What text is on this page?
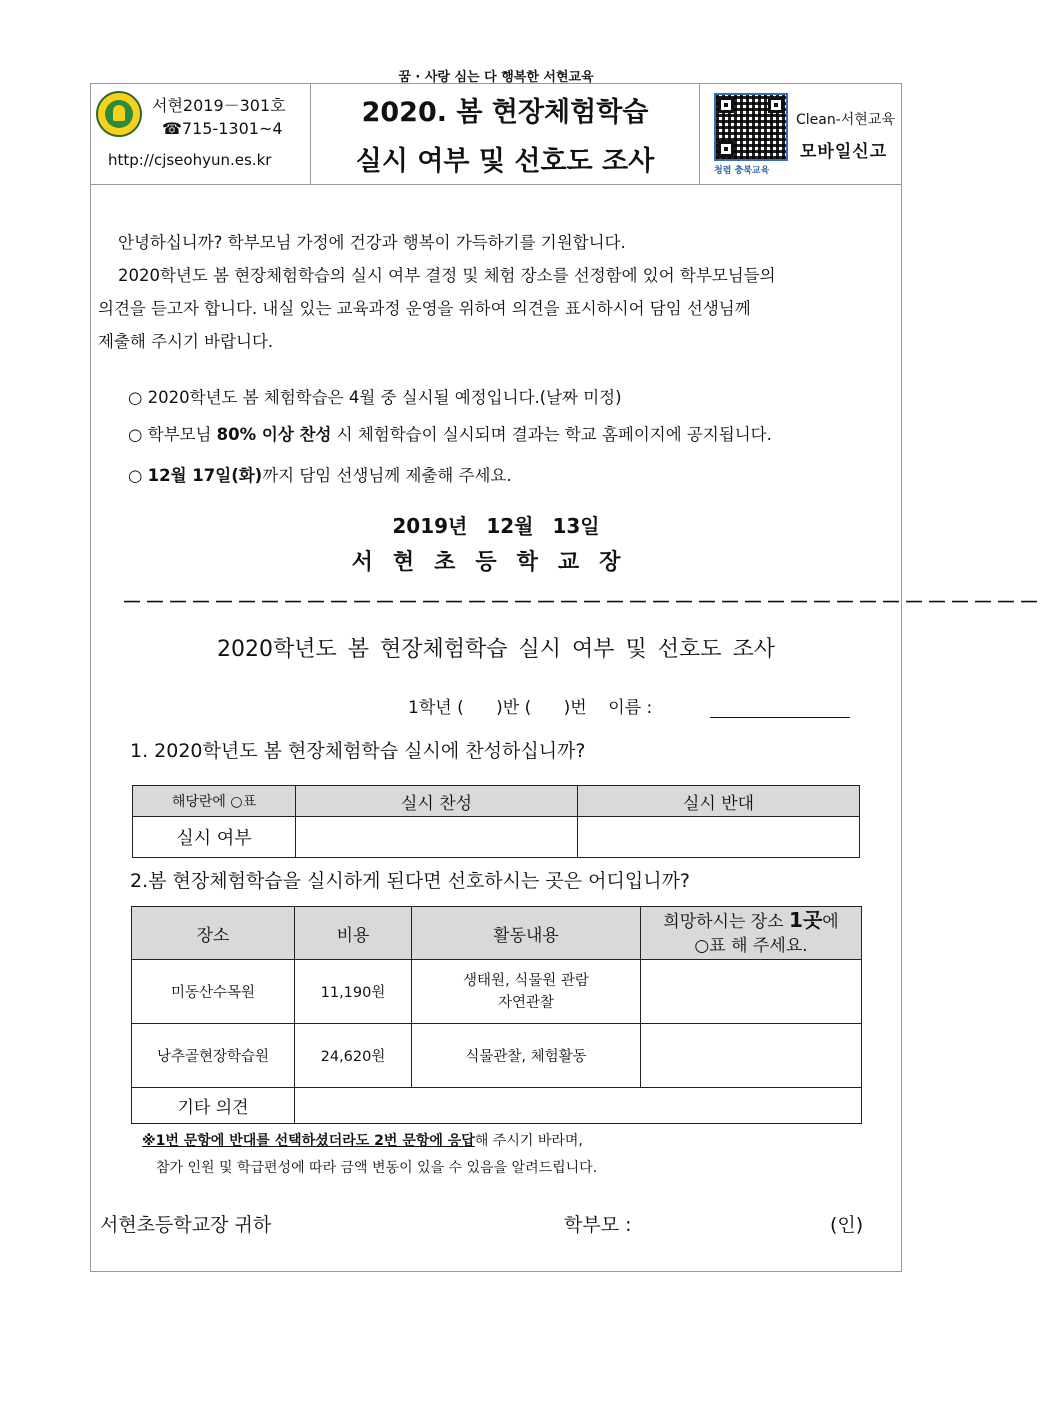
꿈 · 사랑 심는 다 행복한 서현교육
서현2019－301호
☎715-1301~4
http://cjseohyun.es.kr
2020. 봄 현장체험학습
실시 여부 및 선호도 조사	청렴 충북교육
Clean-서현교육
모바일신고
안녕하십니까? 학부모님 가정에 건강과 행복이 가득하기를 기원합니다.
2020학년도 봄 현장체험학습의 실시 여부 결정 및 체험 장소를 선정함에 있어 학부모님들의
의견을 듣고자 합니다. 내실 있는 교육과정 운영을 위하여 의견을 표시하시어 담임 선생님께
제출해 주시기 바랍니다.
○ 2020학년도 봄 체험학습은 4월 중 실시될 예정입니다.(날짜 미정)
○ 학부모님 80% 이상 찬성 시 체험학습이 실시되며 결과는 학교 홈페이지에 공지됩니다.
○ 12월 17일(화)까지 담임 선생님께 제출해 주세요.
2019년 12월 13일
서현초등학교장
－－－－－－－－－－－－－－－－－－－－－－－－－－－－－－－－－－－－－－－－
2020학년도 봄 현장체험학습 실시 여부 및 선호도 조사
1학년 (      )반 (      )번    이름 :
1. 2020학년도 봄 현장체험학습 실시에 찬성하십니까?
해당란에 ○표	실시 찬성	실시 반대
실시 여부		
2.봄 현장체험학습을 실시하게 된다면 선호하시는 곳은 어디입니까?
장소	비용	활동내용	희망하시는 장소 1곳에
○표 해 주세요.
미동산수목원	11,190원	생태원, 식물원 관람
자연관찰	
낭추골현장학습원	24,620원	식물관찰, 체험활동	
기타 의견			
※1번 문항에 반대를 선택하셨더라도 2번 문항에 응답해 주시기 바라며,
참가 인원 및 학급편성에 따라 금액 변동이 있을 수 있음을 알려드립니다.
서현초등학교장 귀하	학부모 :	(인)
